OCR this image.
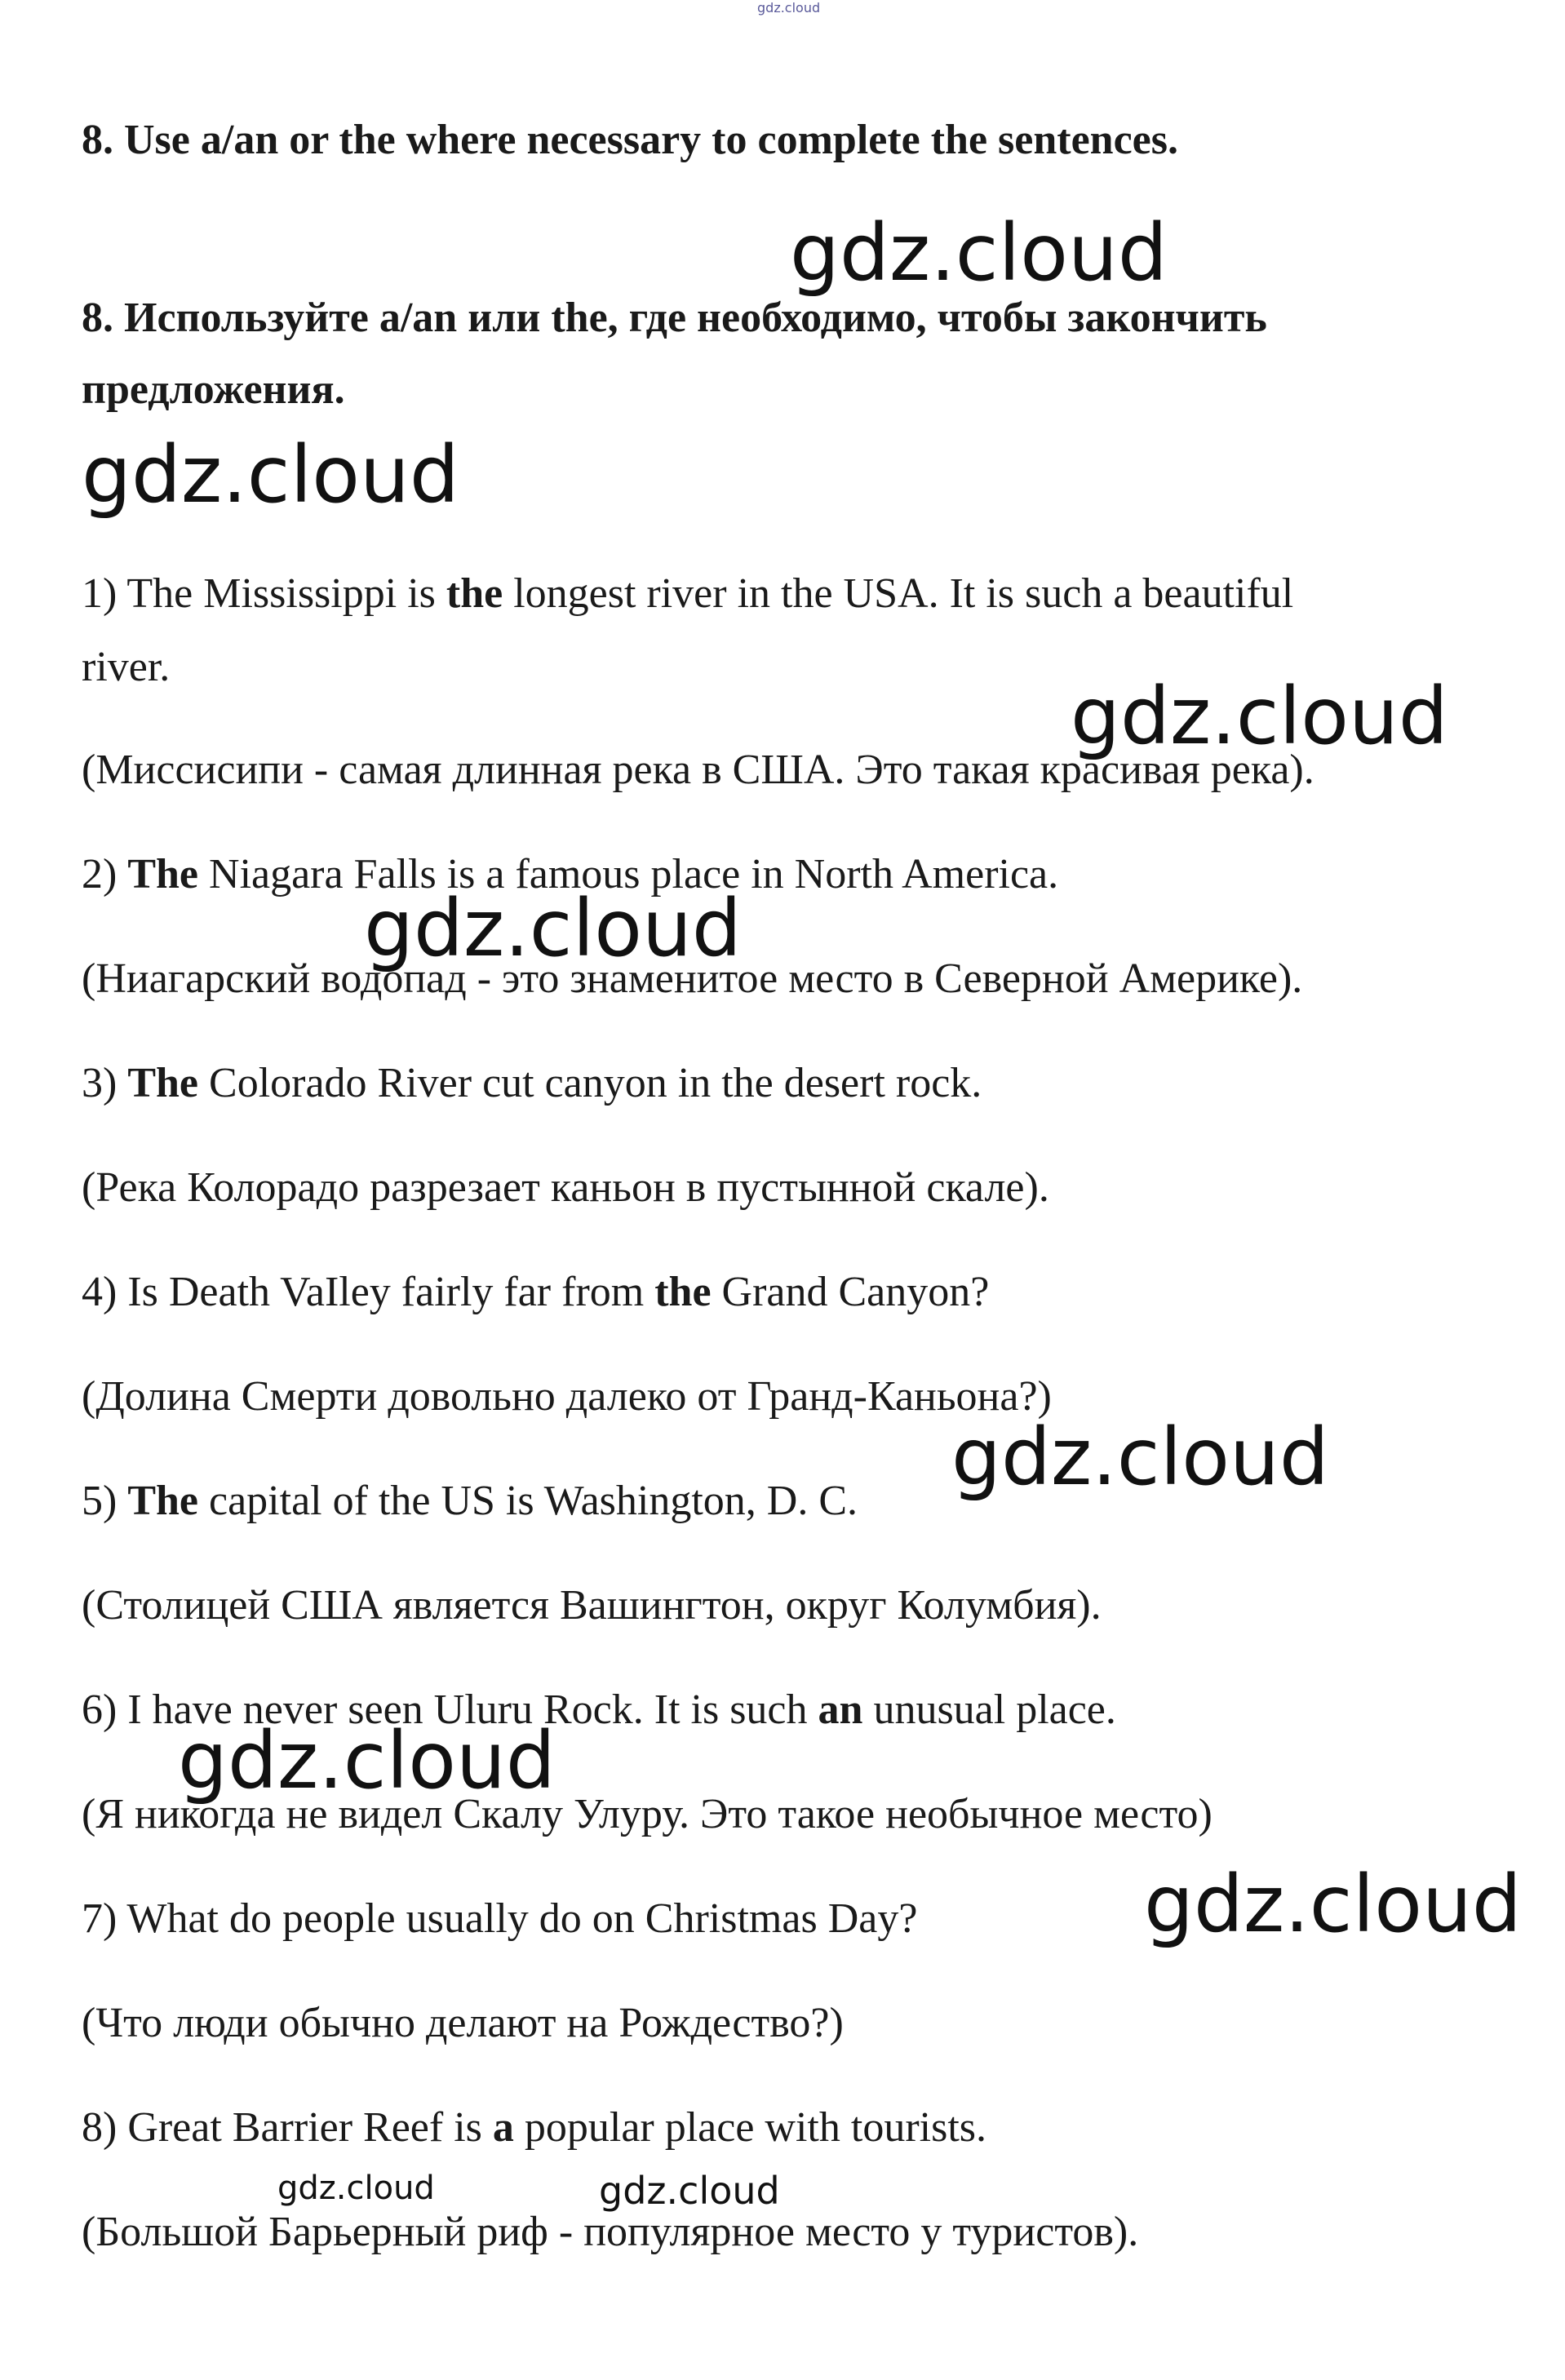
gdz.cloud
8. Use a/an or the where necessary to complete the sentences.
gdz.cloud
8. Используйте a/an или the, где необходимо, чтобы закончить
предложения.
gdz.cloud
1) The Mississippi is the longest river in the USA. It is such a beautiful
river.
gdz.cloud
(Миссисипи - самая длинная река в США. Это такая красивая река).
2) The Niagara Falls is a famous place in North America.
gdz.cloud
(Ниагарский водопад - это знаменитое место в Северной Америке).
3) The Colorado River cut canyon in the desert rock.
(Река Колорадо разрезает каньон в пустынной скале).
4) Is Death VaIley fairly far from the Grand Canyon?
(Долина Смерти довольно далеко от Гранд-Каньона?)
gdz.cloud
5) The capital of the US is Washington, D. C.
(Столицей США является Вашингтон, округ Колумбия).
6) I have never seen Uluru Rock. It is such an unusual place.
gdz.cloud
(Я никогда не видел Скалу Улуру. Это такое необычное место)
7) What do people usually do on Christmas Day?	gdz.cloud
(Что люди обычно делают на Рождество?)
8) Great Barrier Reef is a popular place with tourists.
gdz.cloud	gdz.cloud
(Большой Барьерный риф - популярное место у туристов).
